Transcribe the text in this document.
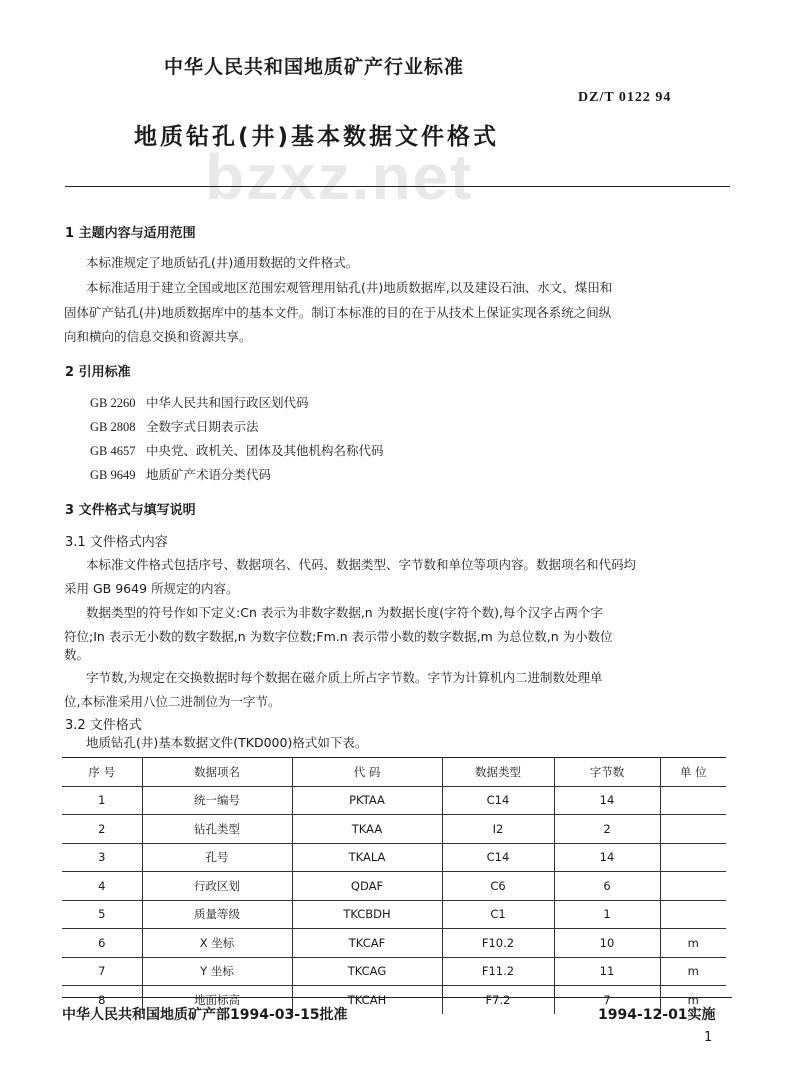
中华人民共和国地质矿产行业标准
DZ/T 0122 94
bzxz.net
地质钻孔(井)基本数据文件格式
1 主题内容与适用范围
本标准规定了地质钻孔(井)通用数据的文件格式。
本标准适用于建立全国或地区范围宏观管理用钻孔(井)地质数据库,以及建设石油、水文、煤田和
固体矿产钻孔(井)地质数据库中的基本文件。制订本标准的目的在于从技术上保证实现各系统之间纵
向和横向的信息交换和资源共享。
2 引用标准
GB 2260 中华人民共和国行政区划代码
GB 2808 全数字式日期表示法
GB 4657 中央党、政机关、团体及其他机构名称代码
GB 9649 地质矿产术语分类代码
3 文件格式与填写说明
3.1 文件格式内容
本标准文件格式包括序号、数据项名、代码、数据类型、字节数和单位等项内容。数据项名和代码均
采用 GB 9649 所规定的内容。
数据类型的符号作如下定义:Cn 表示为非数字数据,n 为数据长度(字符个数),每个汉字占两个字
符位;In 表示无小数的数字数据,n 为数字位数;Fm.n 表示带小数的数字数据,m 为总位数,n 为小数位
数。
字节数,为规定在交换数据时每个数据在磁介质上所占字节数。字节为计算机内二进制数处理单
位,本标准采用八位二进制位为一字节。
3.2 文件格式
地质钻孔(井)基本数据文件(TKD000)格式如下表。
序 号	数据项名	代 码	数据类型	字节数	单 位
1	统一编号	PKTAA	C14	14	
2	钻孔类型	TKAA	I2	2	
3	孔号	TKALA	C14	14	
4	行政区划	QDAF	C6	6	
5	质量等级	TKCBDH	C1	1	
6	X 坐标	TKCAF	F10.2	10	m
7	Y 坐标	TKCAG	F11.2	11	m
8	地面标高	TKCAH	F7.2	7	m
中华人民共和国地质矿产部1994-03-15批准	1994-12-01实施
1
